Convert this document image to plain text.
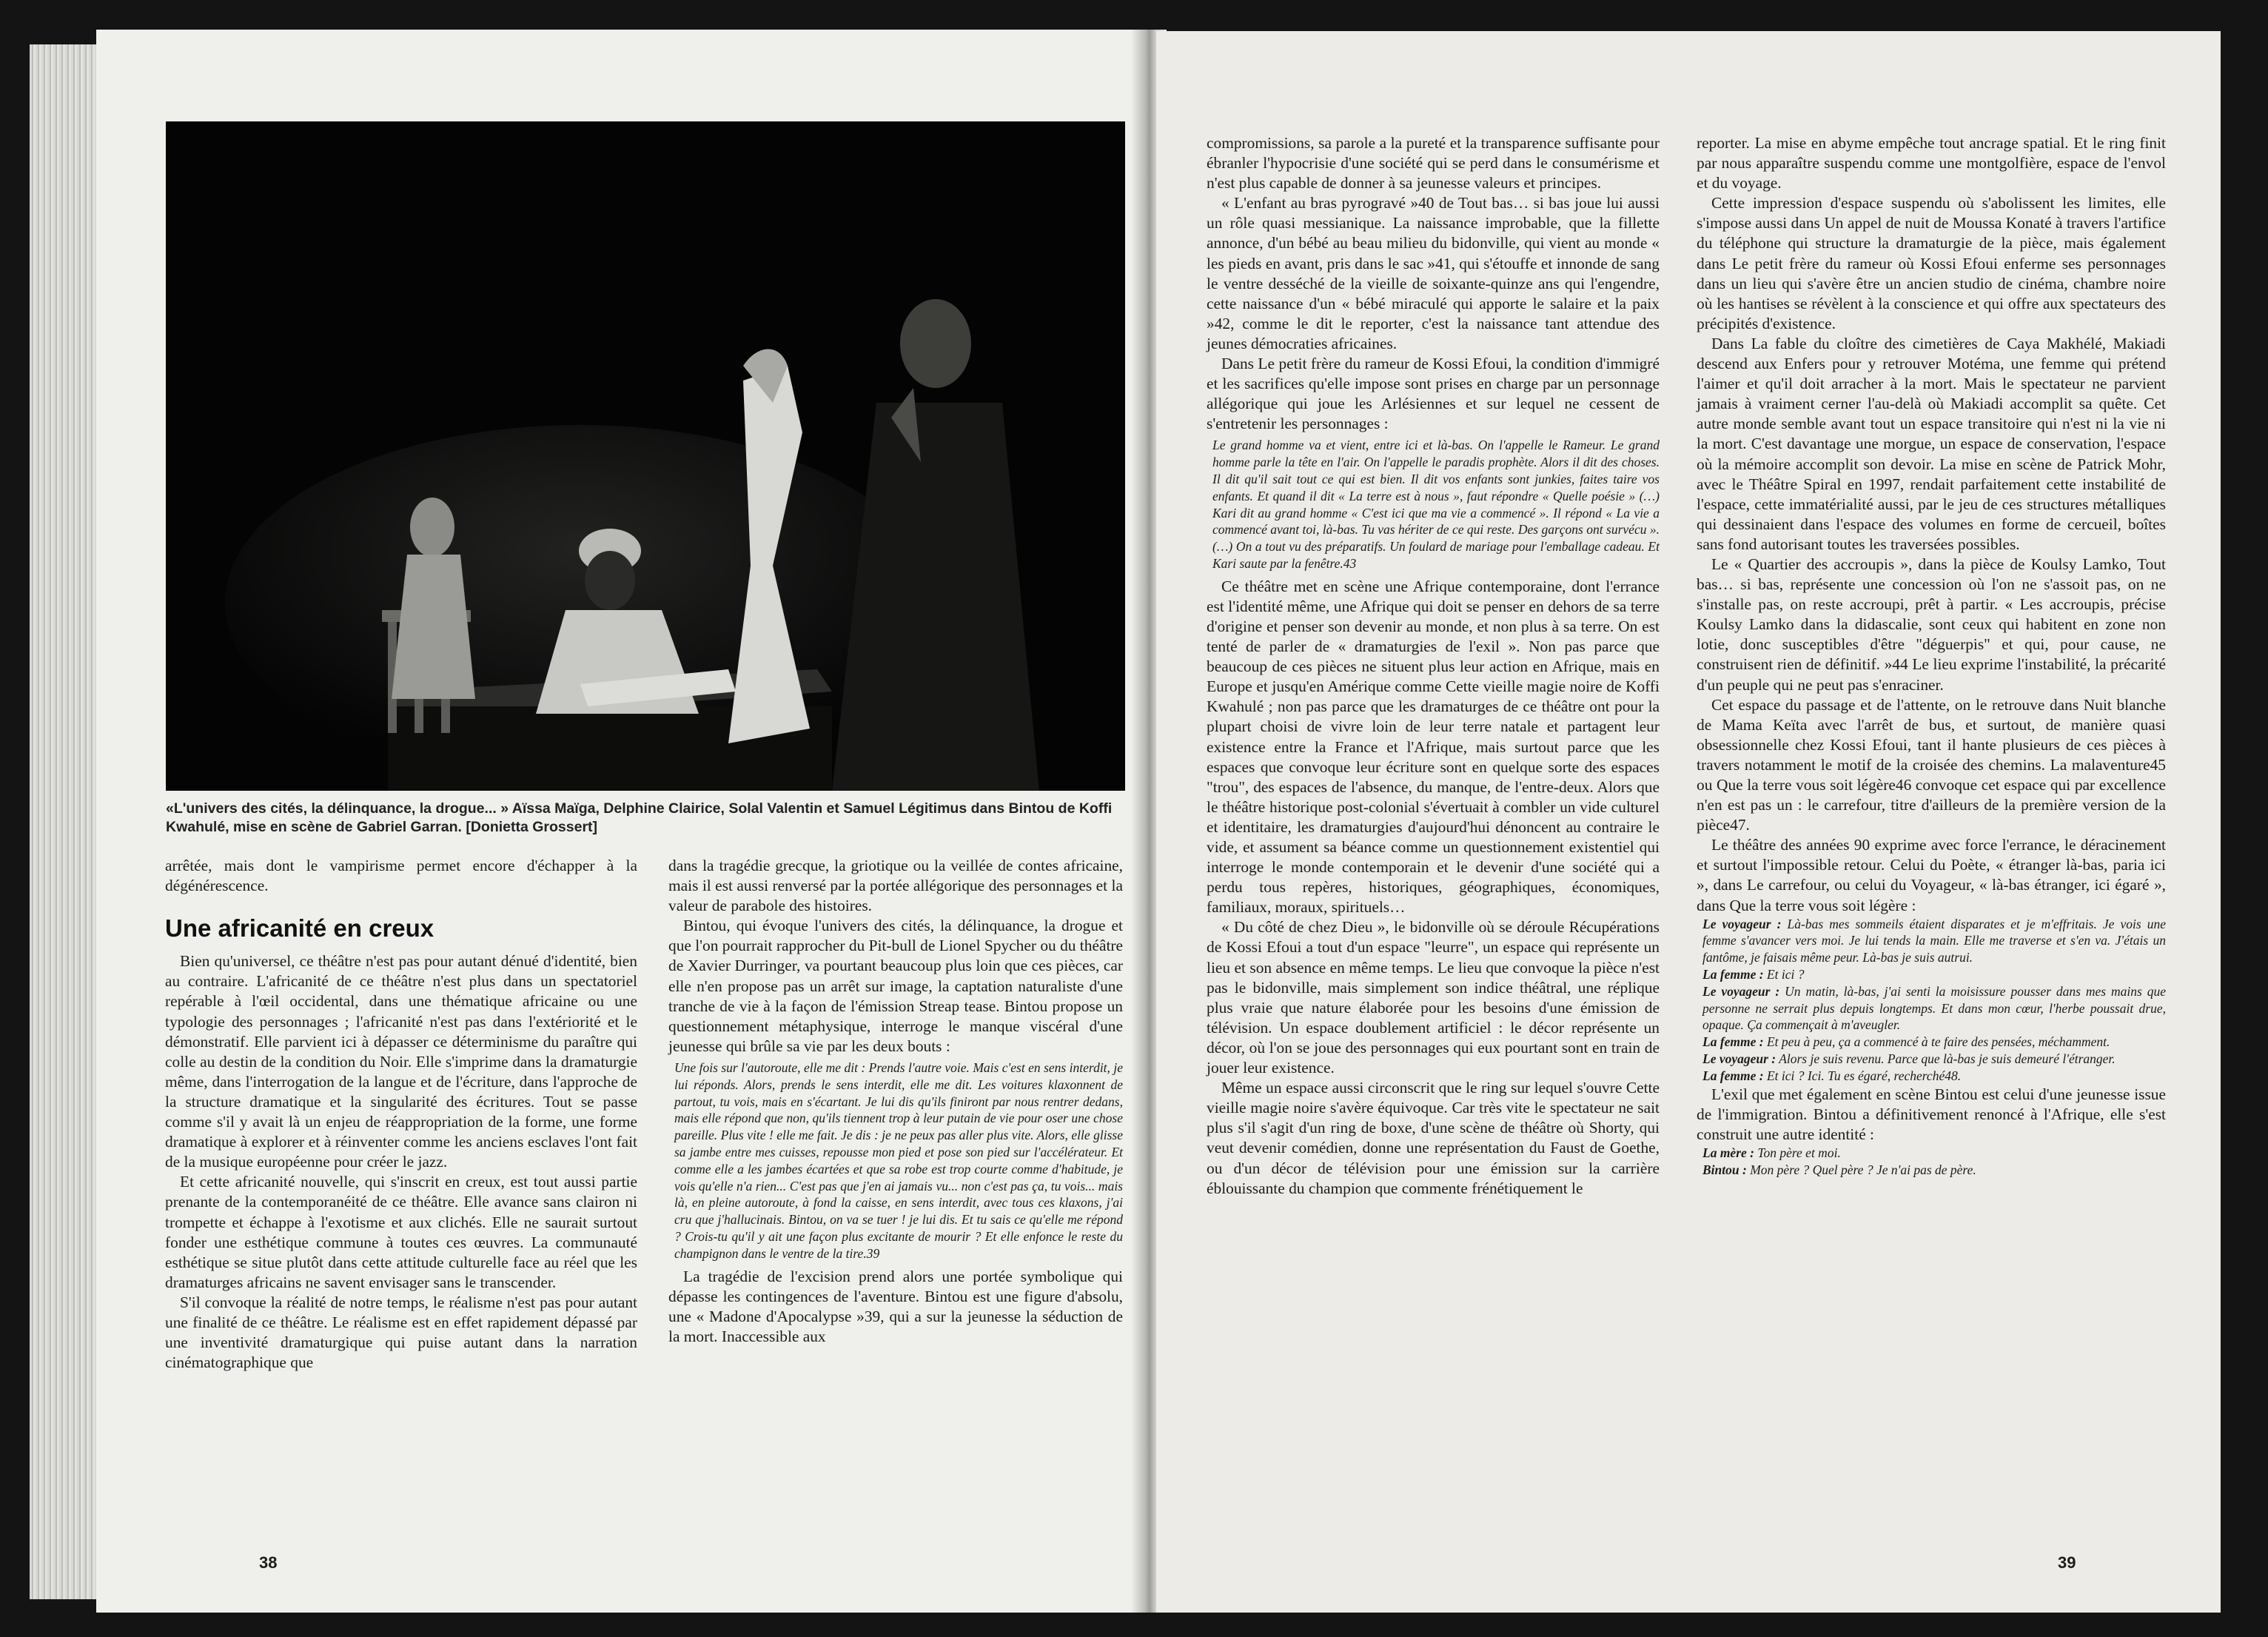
«L'univers des cités, la délinquance, la drogue... » Aïssa Maïga, Delphine Clairice, Solal Valentin et Samuel Légitimus dans Bintou de Koffi Kwahulé, mise en scène de Gabriel Garran. [Donietta Grossert]

arrêtée, mais dont le vampirisme permet encore d'échapper à la dégénérescence.

Une africanité en creux

Bien qu'universel, ce théâtre n'est pas pour autant dénué d'identité, bien au contraire. L'africanité de ce théâtre n'est plus dans un spectatoriel repérable à l'œil occidental, dans une thématique africaine ou une typologie des personnages ; l'africanité n'est pas dans l'extériorité et le démonstratif. Elle parvient ici à dépasser ce déterminisme du paraître qui colle au destin de la condition du Noir. Elle s'imprime dans la dramaturgie même, dans l'interrogation de la langue et de l'écriture, dans l'approche de la structure dramatique et la singularité des écritures. Tout se passe comme s'il y avait là un enjeu de réappropriation de la forme, une forme dramatique à explorer et à réinventer comme les anciens esclaves l'ont fait de la musique européenne pour créer le jazz.

Et cette africanité nouvelle, qui s'inscrit en creux, est tout aussi partie prenante de la contemporanéité de ce théâtre. Elle avance sans clairon ni trompette et échappe à l'exotisme et aux clichés. Elle ne saurait surtout fonder une esthétique commune à toutes ces œuvres. La communauté esthétique se situe plutôt dans cette attitude culturelle face au réel que les dramaturges africains ne savent envisager sans le transcender.

S'il convoque la réalité de notre temps, le réalisme n'est pas pour autant une finalité de ce théâtre. Le réalisme est en effet rapidement dépassé par une inventivité dramaturgique qui puise autant dans la narration cinématographique que

dans la tragédie grecque, la griotique ou la veillée de contes africaine, mais il est aussi renversé par la portée allégorique des personnages et la valeur de parabole des histoires.

Bintou, qui évoque l'univers des cités, la délinquance, la drogue et que l'on pourrait rapprocher du Pit-bull de Lionel Spycher ou du théâtre de Xavier Durringer, va pourtant beaucoup plus loin que ces pièces, car elle n'en propose pas un arrêt sur image, la captation naturaliste d'une tranche de vie à la façon de l'émission Streap tease. Bintou propose un questionnement métaphysique, interroge le manque viscéral d'une jeunesse qui brûle sa vie par les deux bouts :

Une fois sur l'autoroute, elle me dit : Prends l'autre voie. Mais c'est en sens interdit, je lui réponds. Alors, prends le sens interdit, elle me dit. Les voitures klaxonnent de partout, tu vois, mais en s'écartant. Je lui dis qu'ils finiront par nous rentrer dedans, mais elle répond que non, qu'ils tiennent trop à leur putain de vie pour oser une chose pareille. Plus vite ! elle me fait. Je dis : je ne peux pas aller plus vite. Alors, elle glisse sa jambe entre mes cuisses, repousse mon pied et pose son pied sur l'accélérateur. Et comme elle a les jambes écartées et que sa robe est trop courte comme d'habitude, je vois qu'elle n'a rien... C'est pas que j'en ai jamais vu... non c'est pas ça, tu vois... mais là, en pleine autoroute, à fond la caisse, en sens interdit, avec tous ces klaxons, j'ai cru que j'hallucinais. Bintou, on va se tuer ! je lui dis. Et tu sais ce qu'elle me répond ? Crois-tu qu'il y ait une façon plus excitante de mourir ? Et elle enfonce le reste du champignon dans le ventre de la tire.39

La tragédie de l'excision prend alors une portée symbolique qui dépasse les contingences de l'aventure. Bintou est une figure d'absolu, une « Madone d'Apocalypse »39, qui a sur la jeunesse la séduction de la mort. Inaccessible aux

38

compromissions, sa parole a la pureté et la transparence suffisante pour ébranler l'hypocrisie d'une société qui se perd dans le consumérisme et n'est plus capable de donner à sa jeunesse valeurs et principes.

« L'enfant au bras pyrogravé »40 de Tout bas… si bas joue lui aussi un rôle quasi messianique. La naissance improbable, que la fillette annonce, d'un bébé au beau milieu du bidonville, qui vient au monde « les pieds en avant, pris dans le sac »41, qui s'étouffe et innonde de sang le ventre desséché de la vieille de soixante-quinze ans qui l'engendre, cette naissance d'un « bébé miraculé qui apporte le salaire et la paix »42, comme le dit le reporter, c'est la naissance tant attendue des jeunes démocraties africaines.

Dans Le petit frère du rameur de Kossi Efoui, la condition d'immigré et les sacrifices qu'elle impose sont prises en charge par un personnage allégorique qui joue les Arlésiennes et sur lequel ne cessent de s'entretenir les personnages :

Le grand homme va et vient, entre ici et là-bas. On l'appelle le Rameur. Le grand homme parle la tête en l'air. On l'appelle le paradis prophète. Alors il dit des choses. Il dit qu'il sait tout ce qui est bien. Il dit vos enfants sont junkies, faites taire vos enfants. Et quand il dit « La terre est à nous », faut répondre « Quelle poésie » (…) Kari dit au grand homme « C'est ici que ma vie a commencé ». Il répond « La vie a commencé avant toi, là-bas. Tu vas hériter de ce qui reste. Des garçons ont survécu ». (…) On a tout vu des préparatifs. Un foulard de mariage pour l'emballage cadeau. Et Kari saute par la fenêtre.43

Ce théâtre met en scène une Afrique contemporaine, dont l'errance est l'identité même, une Afrique qui doit se penser en dehors de sa terre d'origine et penser son devenir au monde, et non plus à sa terre. On est tenté de parler de « dramaturgies de l'exil ». Non pas parce que beaucoup de ces pièces ne situent plus leur action en Afrique, mais en Europe et jusqu'en Amérique comme Cette vieille magie noire de Koffi Kwahulé ; non pas parce que les dramaturges de ce théâtre ont pour la plupart choisi de vivre loin de leur terre natale et partagent leur existence entre la France et l'Afrique, mais surtout parce que les espaces que convoque leur écriture sont en quelque sorte des espaces "trou", des espaces de l'absence, du manque, de l'entre-deux. Alors que le théâtre historique post-colonial s'évertuait à combler un vide culturel et identitaire, les dramaturgies d'aujourd'hui dénoncent au contraire le vide, et assument sa béance comme un questionnement existentiel qui interroge le monde contemporain et le devenir d'une société qui a perdu tous repères, historiques, géographiques, économiques, familiaux, moraux, spirituels…

« Du côté de chez Dieu », le bidonville où se déroule Récupérations de Kossi Efoui a tout d'un espace "leurre", un espace qui représente un lieu et son absence en même temps. Le lieu que convoque la pièce n'est pas le bidonville, mais simplement son indice théâtral, une réplique plus vraie que nature élaborée pour les besoins d'une émission de télévision. Un espace doublement artificiel : le décor représente un décor, où l'on se joue des personnages qui eux pourtant sont en train de jouer leur existence.

Même un espace aussi circonscrit que le ring sur lequel s'ouvre Cette vieille magie noire s'avère équivoque. Car très vite le spectateur ne sait plus s'il s'agit d'un ring de boxe, d'une scène de théâtre où Shorty, qui veut devenir comédien, donne une représentation du Faust de Goethe, ou d'un décor de télévision pour une émission sur la carrière éblouissante du champion que commente frénétiquement le

reporter. La mise en abyme empêche tout ancrage spatial. Et le ring finit par nous apparaître suspendu comme une montgolfière, espace de l'envol et du voyage.

Cette impression d'espace suspendu où s'abolissent les limites, elle s'impose aussi dans Un appel de nuit de Moussa Konaté à travers l'artifice du téléphone qui structure la dramaturgie de la pièce, mais également dans Le petit frère du rameur où Kossi Efoui enferme ses personnages dans un lieu qui s'avère être un ancien studio de cinéma, chambre noire où les hantises se révèlent à la conscience et qui offre aux spectateurs des précipités d'existence.

Dans La fable du cloître des cimetières de Caya Makhélé, Makiadi descend aux Enfers pour y retrouver Motéma, une femme qui prétend l'aimer et qu'il doit arracher à la mort. Mais le spectateur ne parvient jamais à vraiment cerner l'au-delà où Makiadi accomplit sa quête. Cet autre monde semble avant tout un espace transitoire qui n'est ni la vie ni la mort. C'est davantage une morgue, un espace de conservation, l'espace où la mémoire accomplit son devoir. La mise en scène de Patrick Mohr, avec le Théâtre Spiral en 1997, rendait parfaitement cette instabilité de l'espace, cette immatérialité aussi, par le jeu de ces structures métalliques qui dessinaient dans l'espace des volumes en forme de cercueil, boîtes sans fond autorisant toutes les traversées possibles.

Le « Quartier des accroupis », dans la pièce de Koulsy Lamko, Tout bas… si bas, représente une concession où l'on ne s'assoit pas, on ne s'installe pas, on reste accroupi, prêt à partir. « Les accroupis, précise Koulsy Lamko dans la didascalie, sont ceux qui habitent en zone non lotie, donc susceptibles d'être "déguerpis" et qui, pour cause, ne construisent rien de définitif. »44 Le lieu exprime l'instabilité, la précarité d'un peuple qui ne peut pas s'enraciner.

Cet espace du passage et de l'attente, on le retrouve dans Nuit blanche de Mama Keïta avec l'arrêt de bus, et surtout, de manière quasi obsessionnelle chez Kossi Efoui, tant il hante plusieurs de ces pièces à travers notamment le motif de la croisée des chemins. La malaventure45 ou Que la terre vous soit légère46 convoque cet espace qui par excellence n'en est pas un : le carrefour, titre d'ailleurs de la première version de la pièce47.

Le théâtre des années 90 exprime avec force l'errance, le déracinement et surtout l'impossible retour. Celui du Poète, « étranger là-bas, paria ici », dans Le carrefour, ou celui du Voyageur, « là-bas étranger, ici égaré », dans Que la terre vous soit légère :

Le voyageur : Là-bas mes sommeils étaient disparates et je m'effritais. Je vois une femme s'avancer vers moi. Je lui tends la main. Elle me traverse et s'en va. J'étais un fantôme, je faisais même peur. Là-bas je suis autrui.

La femme : Et ici ?

Le voyageur : Un matin, là-bas, j'ai senti la moisissure pousser dans mes mains que personne ne serrait plus depuis longtemps. Et dans mon cœur, l'herbe poussait drue, opaque. Ça commençait à m'aveugler.

La femme : Et peu à peu, ça a commencé à te faire des pensées, méchamment.

Le voyageur : Alors je suis revenu. Parce que là-bas je suis demeuré l'étranger.

La femme : Et ici ? Ici. Tu es égaré, recherché48.

L'exil que met également en scène Bintou est celui d'une jeunesse issue de l'immigration. Bintou a définitivement renoncé à l'Afrique, elle s'est construit une autre identité :

La mère : Ton père et moi.

Bintou : Mon père ? Quel père ? Je n'ai pas de père.

39
